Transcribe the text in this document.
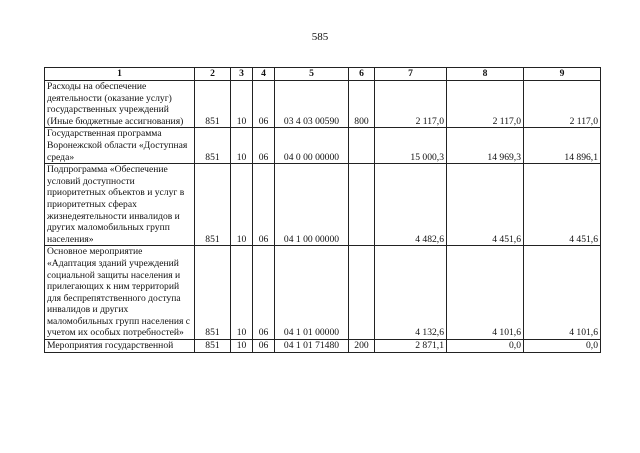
585
1	2	3	4	5	6	7	8	9
Расходы на обеспечение деятельности (оказание услуг) государственных учреждений (Иные бюджетные ассигнования)	851	10	06	03 4 03 00590	800	2 117,0	2 117,0	2 117,0
Государственная программа Воронежской области «Доступная среда»	851	10	06	04 0 00 00000		15 000,3	14 969,3	14 896,1
Подпрограмма «Обеспечение условий доступности приоритетных объектов и услуг в приоритетных сферах жизнедеятельности инвалидов и других маломобильных групп населения»	851	10	06	04 1 00 00000		4 482,6	4 451,6	4 451,6
Основное мероприятие «Адаптация зданий учреждений социальной защиты населения и прилегающих к ним территорий для беспрепятственного доступа инвалидов и других маломобильных групп населения с учетом их особых потребностей»	851	10	06	04 1 01 00000		4 132,6	4 101,6	4 101,6
Мероприятия государственной	851	10	06	04 1 01 71480	200	2 871,1	0,0	0,0
